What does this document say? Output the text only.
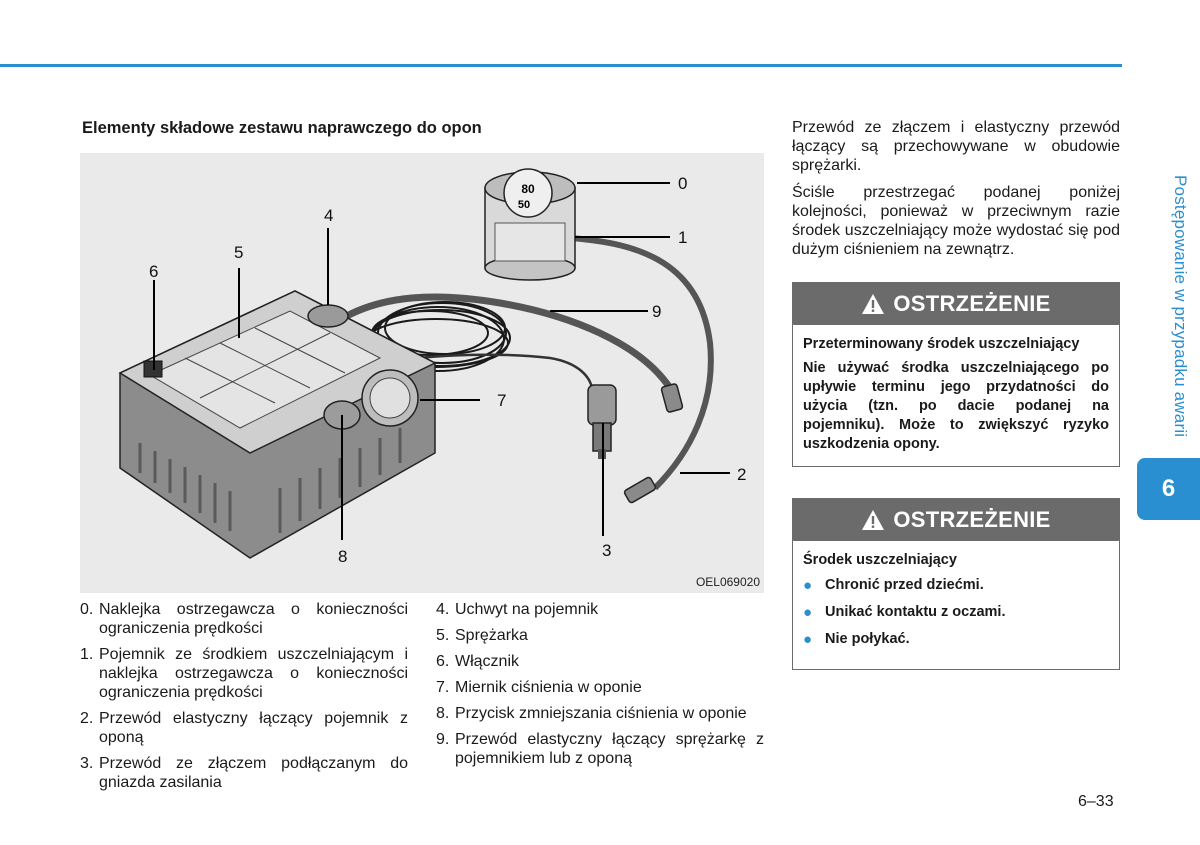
Postępowanie w przypadku awarii
6
Elementy składowe zestawu naprawczego do opon
80
50
0
1
2
3
4
5
6
7
8
9
OEL069020
0. Naklejka ostrzegawcza o konieczności ograniczenia prędkości
1. Pojemnik ze środkiem uszczelniającym i naklejka ostrzegawcza o konieczności ograniczenia prędkości
2. Przewód elastyczny łączący pojemnik z oponą
3. Przewód ze złączem podłączanym do gniazda zasilania
4. Uchwyt na pojemnik
5. Sprężarka
6. Włącznik
7. Miernik ciśnienia w oponie
8. Przycisk zmniejszania ciśnienia w oponie
9. Przewód elastyczny łączący sprężarkę z pojemnikiem lub z oponą

Przewód ze złączem i elastyczny przewód łączący są przechowywane w obudowie sprężarki.

Ściśle przestrzegać podanej poniżej kolejności, ponieważ w przeciwnym razie środek uszczelniający może wydostać się pod dużym ciśnieniem na zewnątrz.

OSTRZEŻENIE
Przeterminowany środek uszczelniający
Nie używać środka uszczelniającego po upływie terminu jego przydatności do użycia (tzn. po dacie podanej na pojemniku). Może to zwiększyć ryzyko uszkodzenia opony.
OSTRZEŻENIE
Środek uszczelniający
● Chronić przed dziećmi.
● Unikać kontaktu z oczami.
● Nie połykać.
6–33
